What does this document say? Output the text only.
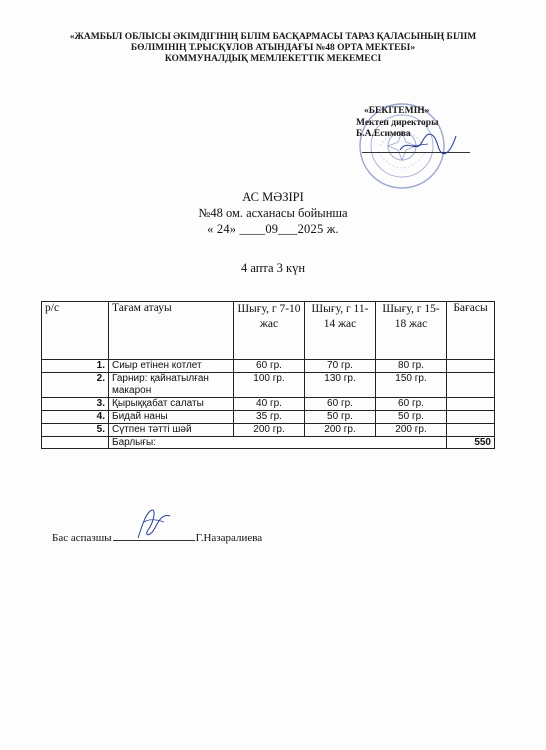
«ЖАМБЫЛ ОБЛЫСЫ ӘКІМДІГІНІҢ БІЛІМ БАСҚАРМАСЫ ТАРАЗ ҚАЛАСЫНЫҢ БІЛІМ
БӨЛІМІНІҢ Т.РЫСҚҰЛОВ АТЫНДАҒЫ №48 ОРТА МЕКТЕБІ»
КОММУНАЛДЫҚ МЕМЛЕКЕТТІК МЕКЕМЕСІ
«БЕКІТЕМІН»
Мектеп директоры
Б.А.Есимова
АС МӘЗІРІ
№48 ом. асханасы бойынша
« 24» ____09___2025 ж.
4 апта 3 күн
р/с	Тағам атауы	Шығу, г 7-10 жас	Шығу, г 11-14 жас	Шығу, г 15-18 жас	Бағасы
1.	Сиыр етінен котлет	60 гр.	70 гр.	80 гр.	
2.	Гарнир: қайнатылған макарон	100 гр.	130 гр.	150 гр.	
3.	Қырыққабат салаты	40 гр.	60 гр.	60 гр.	
4.	Бидай наны	35 гр.	50 гр.	50 гр.	
5.	Сүтпен тәтті шәй	200 гр.	200 гр.	200 гр.	
	Барлығы:				550
Бас аспазшы	Г.Назаралиева
